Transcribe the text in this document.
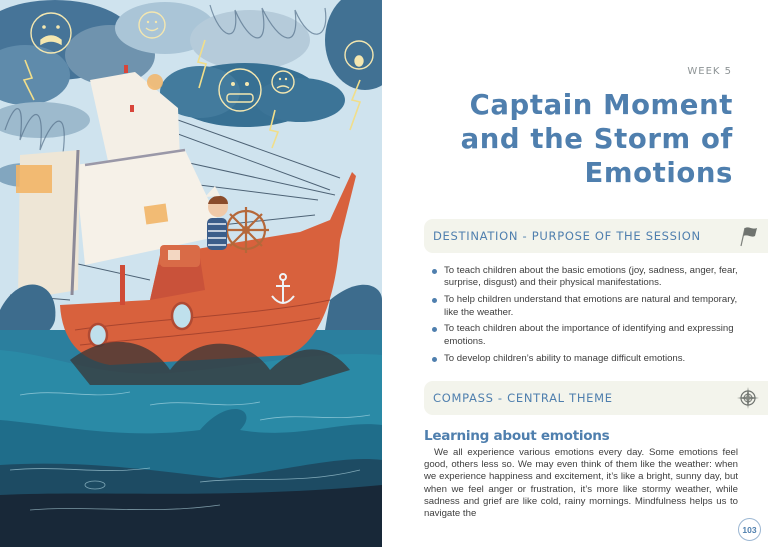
WEEK 5
Captain Moment
and the Storm of
Emotions
DESTINATION - PURPOSE OF THE SESSION
To teach children about the basic emotions (joy, sadness, anger, fear, surprise, disgust) and their physical manifestations.
To help children understand that emotions are natural and temporary, like the weather.
To teach children about the importance of identifying and expressing emotions.
To develop children’s ability to manage difficult emotions.
COMPASS - CENTRAL THEME
Learning about emotions

We all experience various emotions every day. Some emotions feel good, others less so. We may even think of them like the weather: when we experience happiness and excitement, it’s like a bright, sunny day, but when we feel anger or frustration, it’s more like stormy weather, while sadness and grief are like cold, rainy mornings. Mindfulness helps us to navigate the

103
